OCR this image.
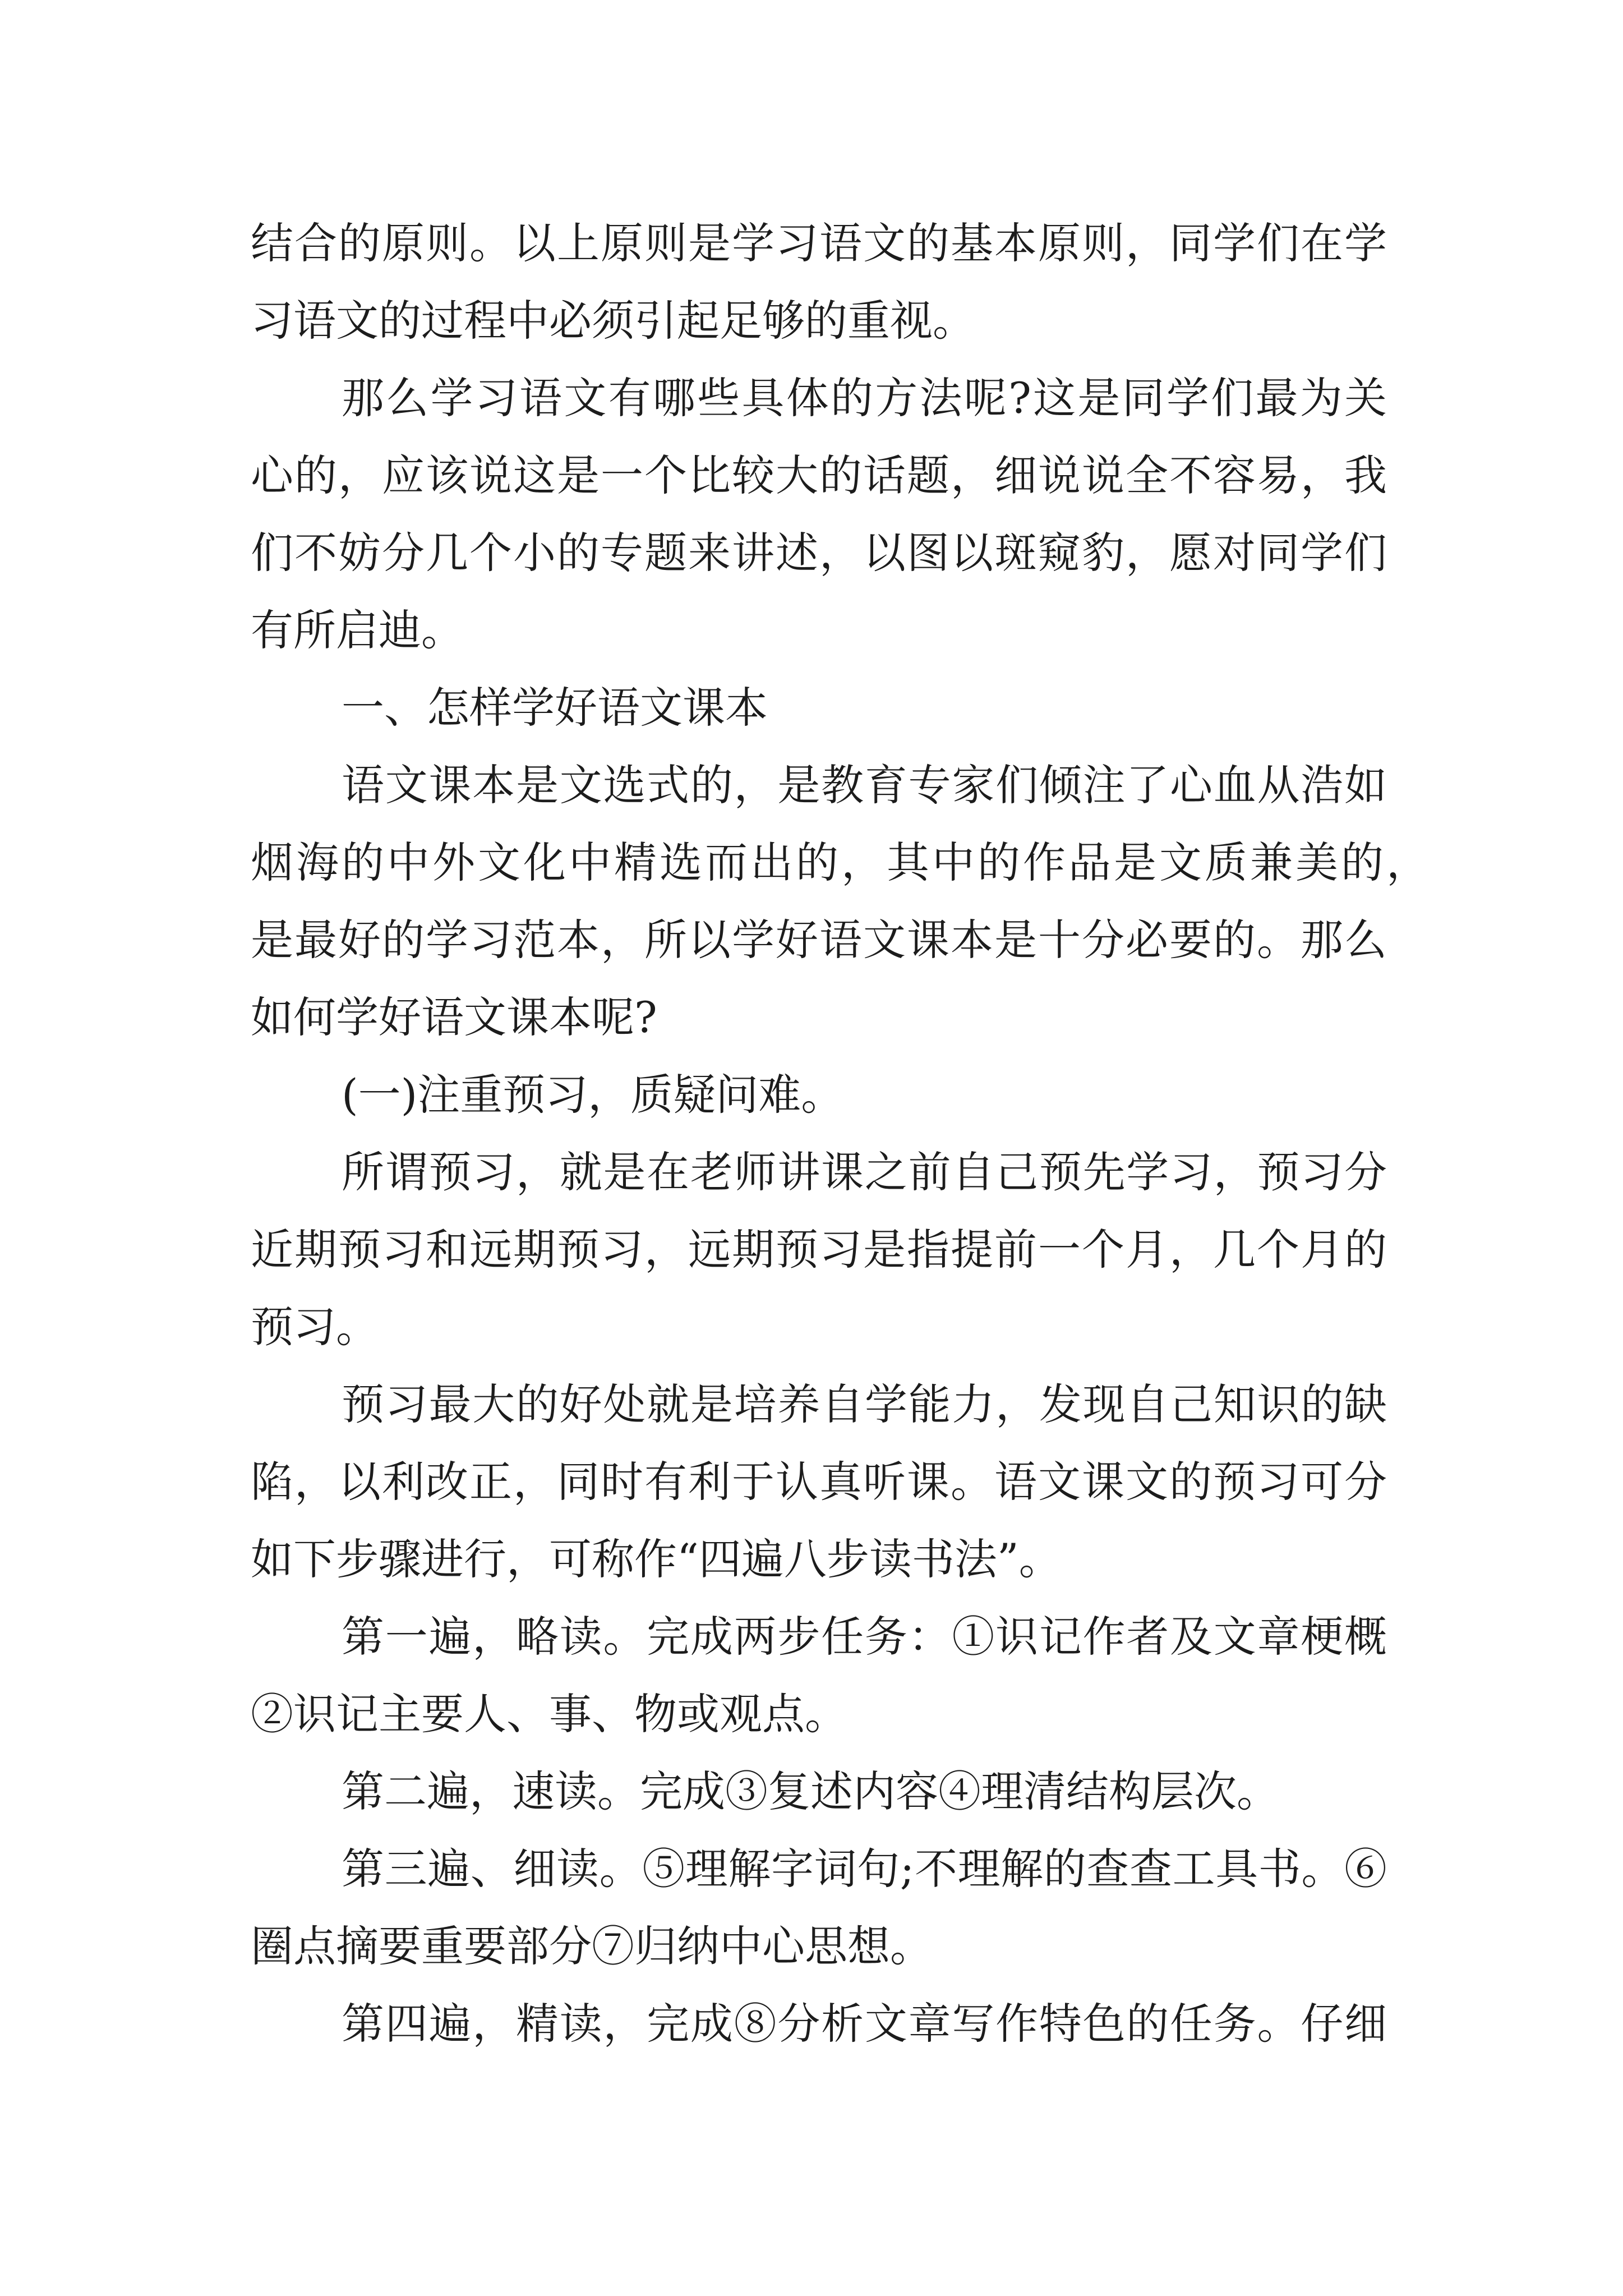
结合的原则。以上原则是学习语文的基本原则，同学们在学
习语文的过程中必须引起足够的重视。
那么学习语文有哪些具体的方法呢?这是同学们最为关
心的，应该说这是一个比较大的话题，细说说全不容易，我
们不妨分几个小的专题来讲述，以图以斑窥豹，愿对同学们
有所启迪。
一、怎样学好语文课本
语文课本是文选式的，是教育专家们倾注了心血从浩如
烟海的中外文化中精选而出的，其中的作品是文质兼美的，
是最好的学习范本，所以学好语文课本是十分必要的。那么
如何学好语文课本呢?
(一)注重预习，质疑问难。
所谓预习，就是在老师讲课之前自己预先学习，预习分
近期预习和远期预习，远期预习是指提前一个月，几个月的
预习。
预习最大的好处就是培养自学能力，发现自己知识的缺
陷，以利改正，同时有利于认真听课。语文课文的预习可分
如下步骤进行，可称作“四遍八步读书法”。
第一遍，略读。完成两步任务：①识记作者及文章梗概
②识记主要人、事、物或观点。
第二遍，速读。完成③复述内容④理清结构层次。
第三遍、细读。⑤理解字词句;不理解的查查工具书。⑥
圈点摘要重要部分⑦归纳中心思想。
第四遍，精读，完成⑧分析文章写作特色的任务。仔细
